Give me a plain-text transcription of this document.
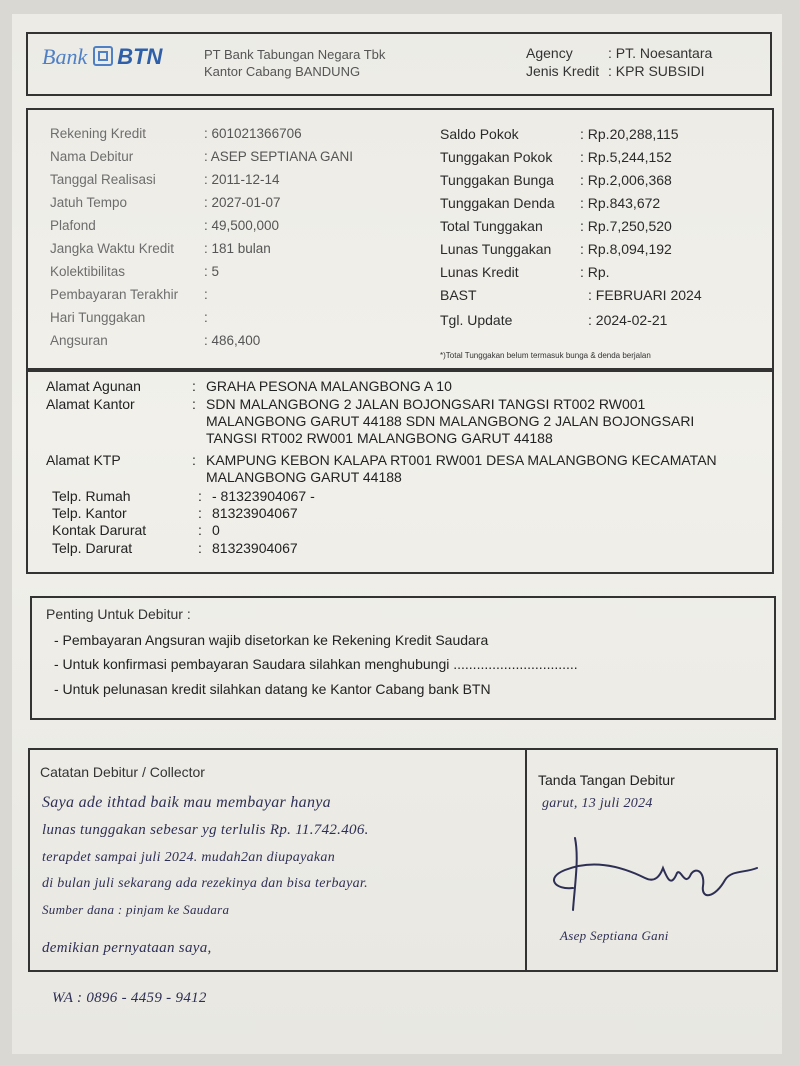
Bank BTN	PT Bank Tabungan Negara Tbk
Kantor Cabang BANDUNG
Agency	: PT. Noesantara
Jenis Kredit : KPR SUBSIDI
Rekening Kredit	: 601021366706
Nama Debitur	: ASEP SEPTIANA GANI
Tanggal Realisasi	: 2011-12-14
Jatuh Tempo	: 2027-01-07
Plafond	: 49,500,000
Jangka Waktu Kredit : 181 bulan
Kolektibilitas	: 5
Pembayaran Terakhir :
Hari Tunggakan	:
Angsuran	: 486,400
Saldo Pokok	: Rp.20,288,115
Tunggakan Pokok : Rp.5,244,152
Tunggakan Bunga : Rp.2,006,368
Tunggakan Denda : Rp.843,672
Total Tunggakan	: Rp.7,250,520
Lunas Tunggakan : Rp.8,094,192
Lunas Kredit	: Rp.
BAST	: FEBRUARI 2024
Tgl. Update	: 2024-02-21
*)Total Tunggakan belum termasuk bunga & denda berjalan
Alamat Agunan	: GRAHA PESONA MALANGBONG A 10
Alamat Kantor	: SDN MALANGBONG 2 JALAN BOJONGSARI TANGSI RT002 RW001 MALANGBONG GARUT 44188 SDN MALANGBONG 2 JALAN BOJONGSARI TANGSI RT002 RW001 MALANGBONG GARUT 44188
Alamat KTP	: KAMPUNG KEBON KALAPA RT001 RW001 DESA MALANGBONG KECAMATAN MALANGBONG GARUT 44188
Telp. Rumah	: - 81323904067 -
Telp. Kantor	: 81323904067
Kontak Darurat	: 0
Telp. Darurat	: 81323904067
Penting Untuk Debitur :
- Pembayaran Angsuran wajib disetorkan ke Rekening Kredit Saudara
- Untuk konfirmasi pembayaran Saudara silahkan menghubungi ................................
- Untuk pelunasan kredit silahkan datang ke Kantor Cabang bank BTN
Catatan Debitur / Collector
Saya ade ithtad baik mau membayar hanya
lunas tunggakan sebesar yg terlulis Rp. 11.742.406.
terapdet sampai juli 2024. mudah2an diupayakan
di bulan juli sekarang ada rezekinya dan bisa terbayar.
Sumber dana : pinjam ke Saudara
demikian pernyataan saya,
Tanda Tangan Debitur
garut, 13 juli 2024
Asep Septiana Gani
WA : 0896 - 4459 - 9412
